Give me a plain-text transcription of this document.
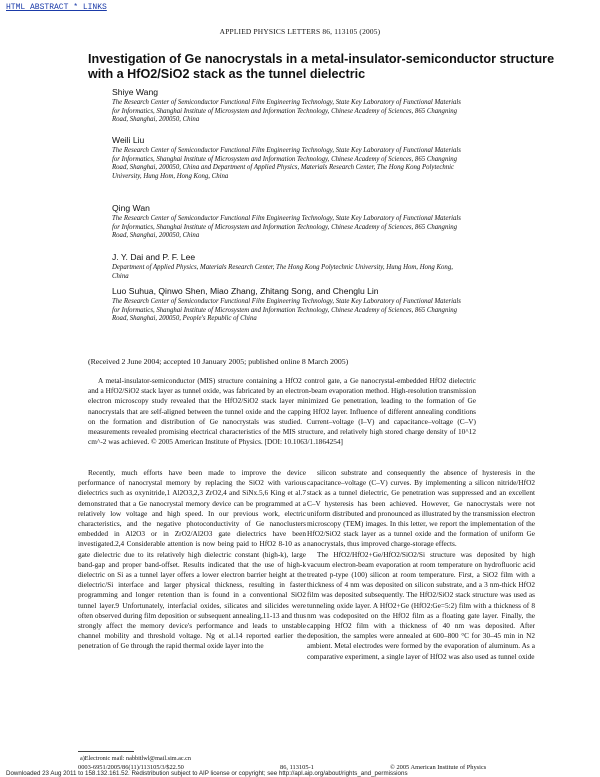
HTML ABSTRACT * LINKS
APPLIED PHYSICS LETTERS 86, 113105 (2005)
Investigation of Ge nanocrystals in a metal-insulator-semiconductor structure with a HfO2/SiO2 stack as the tunnel dielectric
Shiye Wang
The Research Center of Semiconductor Functional Film Engineering Technology, State Key Laboratory of Functional Materials for Informatics, Shanghai Institute of Microsystem and Information Technology, Chinese Academy of Sciences, 865 Changning Road, Shanghai, 200050, China
Weili Liu
The Research Center of Semiconductor Functional Film Engineering Technology, State Key Laboratory of Functional Materials for Informatics, Shanghai Institute of Microsystem and Information Technology, Chinese Academy of Sciences, 865 Changning Road, Shanghai, 200050, China and Department of Applied Physics, Materials Research Center, The Hong Kong Polytechnic University, Hung Hom, Hong Kong, China
Qing Wan
The Research Center of Semiconductor Functional Film Engineering Technology, State Key Laboratory of Functional Materials for Informatics, Shanghai Institute of Microsystem and Information Technology, Chinese Academy of Sciences, 865 Changning Road, Shanghai, 200050, China
J. Y. Dai and P. F. Lee
Department of Applied Physics, Materials Research Center, The Hong Kong Polytechnic University, Hung Hom, Hong Kong, China
Luo Suhua, Qinwo Shen, Miao Zhang, Zhitang Song, and Chenglu Lin
The Research Center of Semiconductor Functional Film Engineering Technology, State Key Laboratory of Functional Materials for Informatics, Shanghai Institute of Microsystem and Information Technology, Chinese Academy of Sciences, 865 Changning Road, Shanghai, 200050, People's Republic of China
(Received 2 June 2004; accepted 10 January 2005; published online 8 March 2005)
A metal-insulator-semiconductor (MIS) structure containing a HfO2 control gate, a Ge nanocrystal-embedded HfO2 dielectric and a HfO2/SiO2 stack layer as tunnel oxide, was fabricated by an electron-beam evaporation method. High-resolution transmission electron microscopy study revealed that the HfO2/SiO2 stack layer minimized Ge penetration, leading to the formation of Ge nanocrystals that are self-aligned between the tunnel oxide and the capping HfO2 layer. Influence of different annealing conditions on the formation and distribution of Ge nanocrystals was studied. Current–voltage (I–V) and capacitance–voltage (C–V) measurements revealed promising electrical characteristics of the MIS structure, and relatively high stored charge density of 10^12 cm^-2 was achieved. © 2005 American Institute of Physics. [DOI: 10.1063/1.1864254]

Recently, much efforts have been made to improve the device performance of nanocrystal memory by replacing the SiO2 with various dielectrics such as oxynitride,1 Al2O3,2,3 ZrO2,4 and SiNx.5,6 King et al.7 demonstrated that a Ge nanocrystal memory device can be programmed at a relatively low voltage and high speed. In our previous work, electric characteristics, and the negative photoconductivity of Ge nanoclusters embedded in Al2O3 or in ZrO2/Al2O3 gate dielectrics have been investigated.2,4 Considerable attention is now being paid to HfO2 8-10 as a gate dielectric due to its relatively high dielectric constant (high-k), large band-gap and proper band-offset. Results indicated that the use of high-k dielectric on Si as a tunnel layer offers a lower electron barrier height at the dielectric/Si interface and larger physical thickness, resulting in faster programming and longer retention than is found in a conventional SiO2 tunnel layer.9 Unfortunately, interfacial oxides, silicates and silicides were often observed during film deposition or subsequent annealing,11-13 and thus strongly affect the memory device's performance and leads to unstable channel mobility and threshold voltage. Ng et al.14 reported earlier the penetration of Ge through the rapid thermal oxide layer into the

silicon substrate and consequently the absence of hysteresis in the capacitance–voltage (C–V) curves. By implementing a silicon nitride/HfO2 stack as a tunnel dielectric, Ge penetration was suppressed and an excellent C–V hysteresis has been achieved. However, Ge nanocrystals were not uniform distributed and pronounced as illustrated by the transmission electron microscopy (TEM) images. In this letter, we report the implementation of the HfO2/SiO2 stack layer as a tunnel oxide and the formation of uniform Ge nanocrystals, thus improved charge-storage effects.

The HfO2/HfO2+Ge/HfO2/SiO2/Si structure was deposited by high vacuum electron-beam evaporation at room temperature on hydrofluoric acid treated p-type (100) silicon at room temperature. First, a SiO2 film with a thickness of 4 nm was deposited on silicon substrate, and a 3 nm-thick HfO2 film was deposited subsequently. The HfO2/SiO2 stack structure was used as tunneling oxide layer. A HfO2+Ge (HfO2:Ge=5:2) film with a thickness of 8 nm was codeposited on the HfO2 film as a floating gate layer. Finally, the capping HfO2 film with a thickness of 40 nm was deposited. After deposition, the samples were annealed at 600–800 °C for 30–45 min in N2 ambient. Metal electrodes were formed by the evaporation of aluminum. As a comparative experiment, a single layer of HfO2 was also used as tunnel oxide

a)Electronic mail: nabbitlwl@mail.sim.ac.cn
0003-6951/2005/86(11)/113105/3/$22.50	86, 113105-1	© 2005 American Institute of Physics
Downloaded 23 Aug 2011 to 158.132.161.52. Redistribution subject to AIP license or copyright; see http://apl.aip.org/about/rights_and_permissions
